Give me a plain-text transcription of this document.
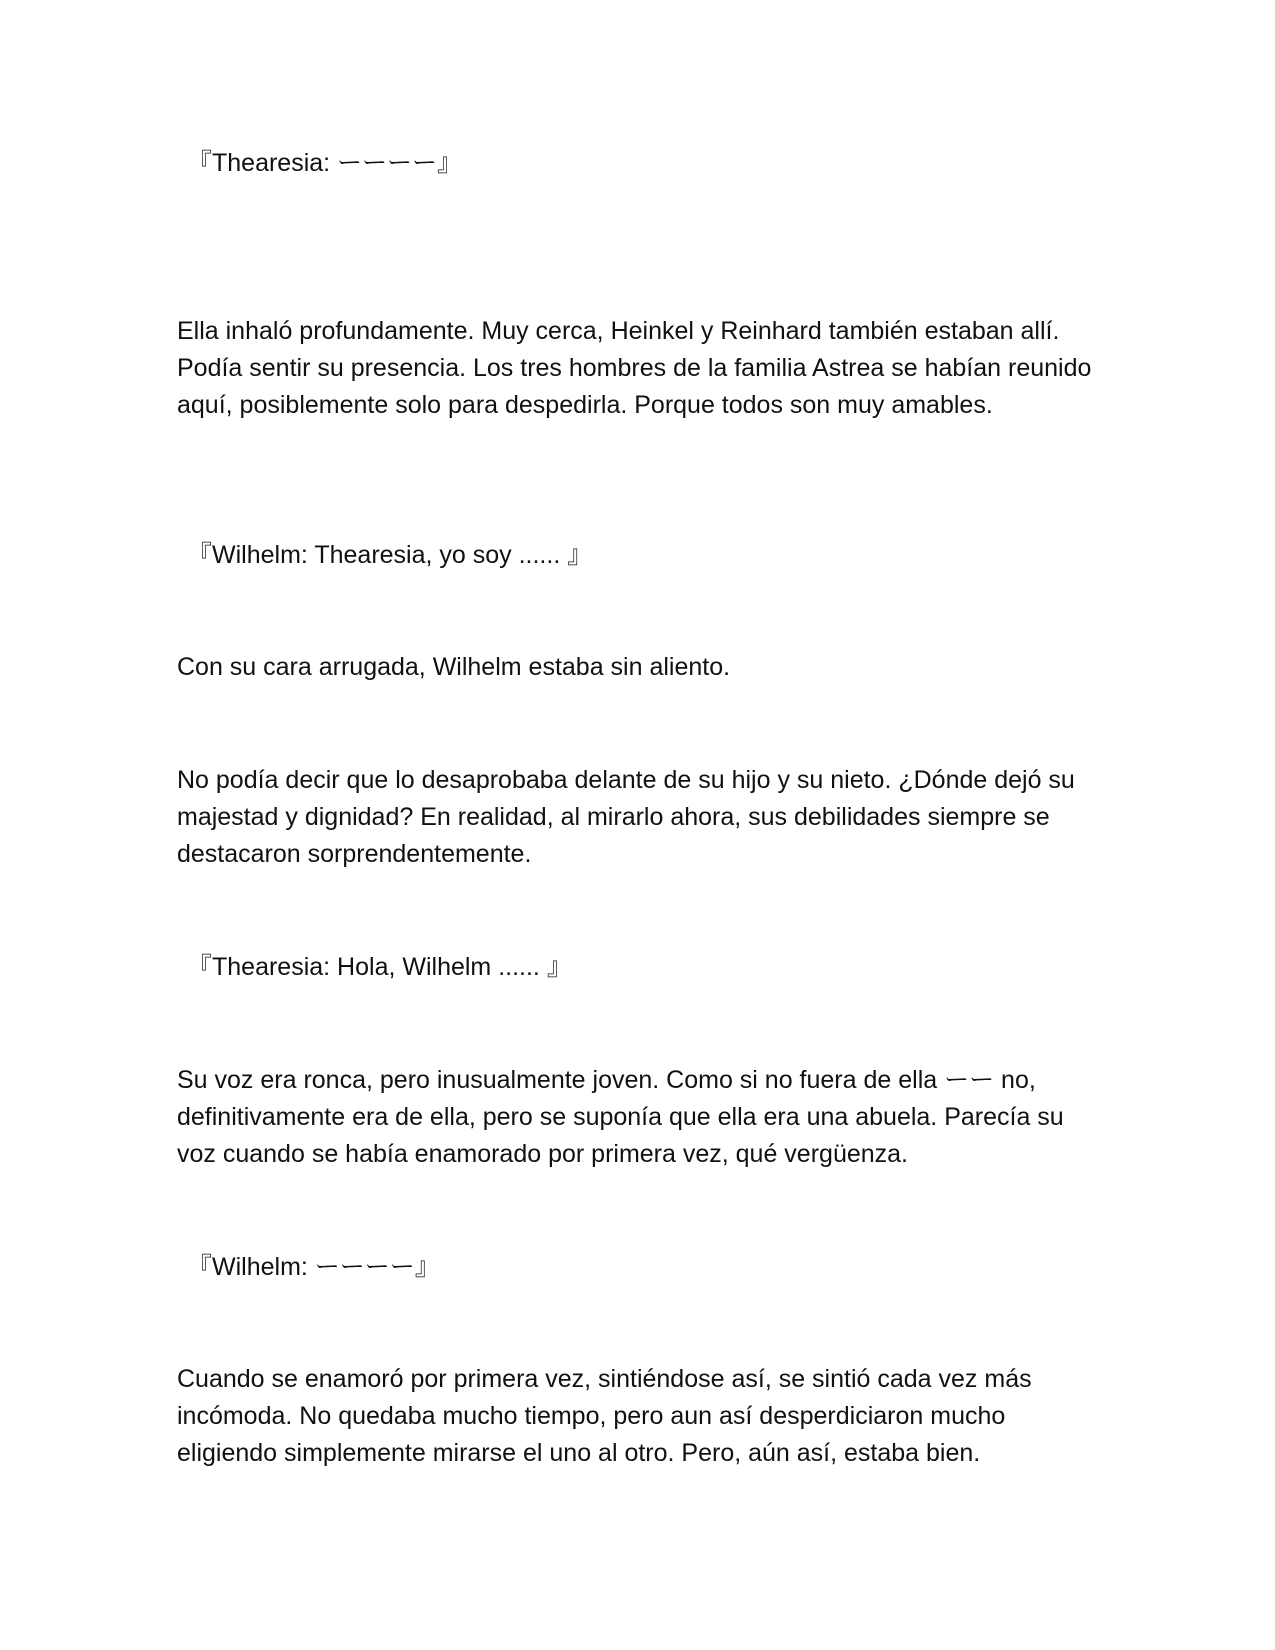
『Thearesia: ーーーー』

Ella inhaló profundamente. Muy cerca, Heinkel y Reinhard también estaban allí. Podía sentir su presencia. Los tres hombres de la familia Astrea se habían reunido aquí, posiblemente solo para despedirla. Porque todos son muy amables.

『Wilhelm: Thearesia, yo soy ...... 』

Con su cara arrugada, Wilhelm estaba sin aliento.

No podía decir que lo desaprobaba delante de su hijo y su nieto. ¿Dónde dejó su majestad y dignidad? En realidad, al mirarlo ahora, sus debilidades siempre se destacaron sorprendentemente.

『Thearesia: Hola, Wilhelm ...... 』

Su voz era ronca, pero inusualmente joven. Como si no fuera de ella ーー no, definitivamente era de ella, pero se suponía que ella era una abuela. Parecía su voz cuando se había enamorado por primera vez, qué vergüenza.

『Wilhelm: ーーーー』

Cuando se enamoró por primera vez, sintiéndose así, se sintió cada vez más incómoda. No quedaba mucho tiempo, pero aun así desperdiciaron mucho eligiendo simplemente mirarse el uno al otro. Pero, aún así, estaba bien.
